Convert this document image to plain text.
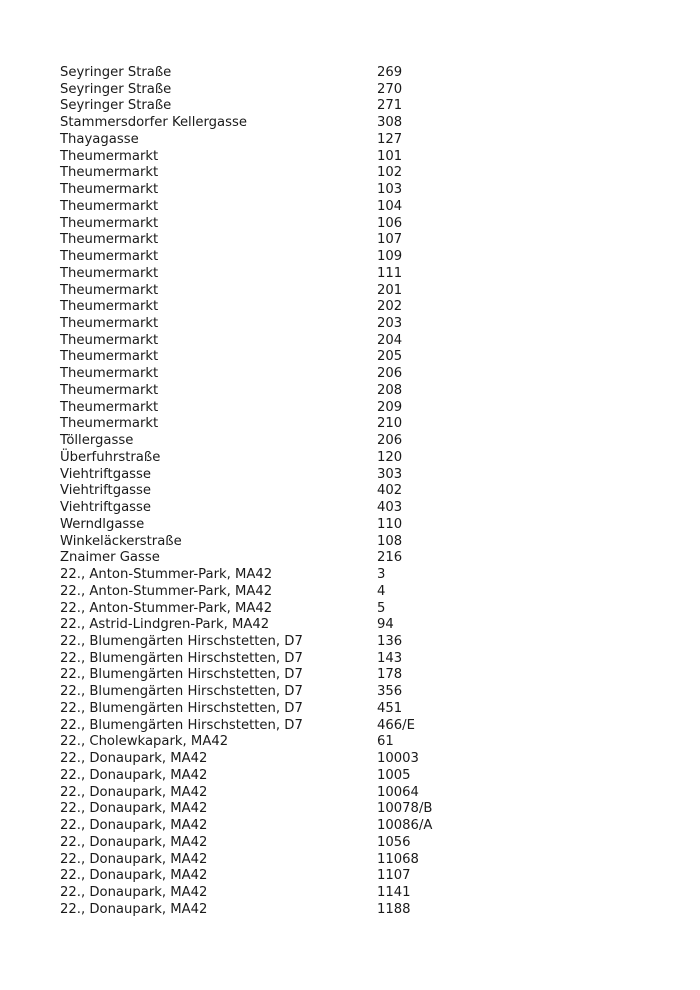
Seyringer Straße	269
Seyringer Straße	270
Seyringer Straße	271
Stammersdorfer Kellergasse	308
Thayagasse	127
Theumermarkt	101
Theumermarkt	102
Theumermarkt	103
Theumermarkt	104
Theumermarkt	106
Theumermarkt	107
Theumermarkt	109
Theumermarkt	111
Theumermarkt	201
Theumermarkt	202
Theumermarkt	203
Theumermarkt	204
Theumermarkt	205
Theumermarkt	206
Theumermarkt	208
Theumermarkt	209
Theumermarkt	210
Töllergasse	206
Überfuhrstraße	120
Viehtriftgasse	303
Viehtriftgasse	402
Viehtriftgasse	403
Werndlgasse	110
Winkeläckerstraße	108
Znaimer Gasse	216
22., Anton-Stummer-Park, MA42	3
22., Anton-Stummer-Park, MA42	4
22., Anton-Stummer-Park, MA42	5
22., Astrid-Lindgren-Park, MA42	94
22., Blumengärten Hirschstetten, D7	136
22., Blumengärten Hirschstetten, D7	143
22., Blumengärten Hirschstetten, D7	178
22., Blumengärten Hirschstetten, D7	356
22., Blumengärten Hirschstetten, D7	451
22., Blumengärten Hirschstetten, D7	466/E
22., Cholewkapark, MA42	61
22., Donaupark, MA42	10003
22., Donaupark, MA42	1005
22., Donaupark, MA42	10064
22., Donaupark, MA42	10078/B
22., Donaupark, MA42	10086/A
22., Donaupark, MA42	1056
22., Donaupark, MA42	11068
22., Donaupark, MA42	1107
22., Donaupark, MA42	1141
22., Donaupark, MA42	1188
